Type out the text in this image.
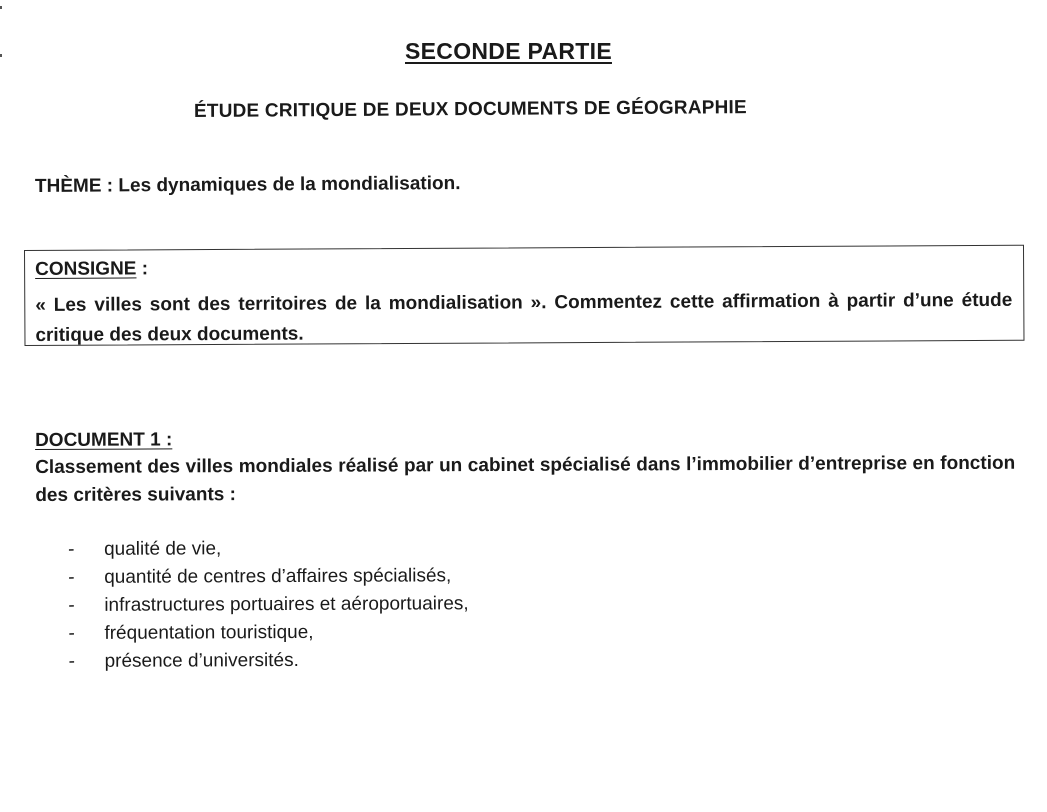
SECONDE PARTIE
ÉTUDE CRITIQUE DE DEUX DOCUMENTS DE GÉOGRAPHIE
THÈME : Les dynamiques de la mondialisation.
CONSIGNE :
« Les villes sont des territoires de la mondialisation ». Commentez cette affirmation à partir d’une étude critique des deux documents.
DOCUMENT 1 :
Classement des villes mondiales réalisé par un cabinet spécialisé dans l’immobilier d’entreprise en fonction des critères suivants :
- qualité de vie,
- quantité de centres d’affaires spécialisés,
- infrastructures portuaires et aéroportuaires,
- fréquentation touristique,
- présence d’universités.
